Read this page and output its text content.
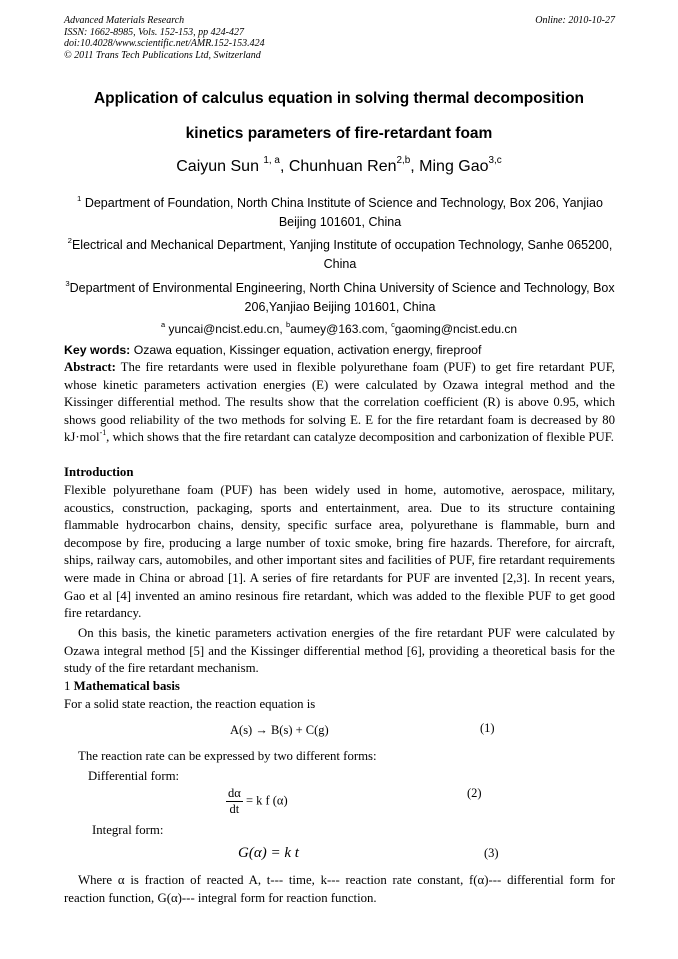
Advanced Materials Research
ISSN: 1662-8985, Vols. 152-153, pp 424-427
doi:10.4028/www.scientific.net/AMR.152-153.424
© 2011 Trans Tech Publications Ltd, Switzerland
Online: 2010-10-27
Application of calculus equation in solving thermal decomposition
kinetics parameters of fire-retardant foam
Caiyun Sun $^{1, a}$, Chunhuan Ren$^{2,b}$, Ming Gao$^{3,c}$
$^1$ Department of Foundation, North China Institute of Science and Technology, Box 206, Yanjiao Beijing 101601, China
$^2$Electrical and Mechanical Department, Yanjing Institute of occupation Technology, Sanhe 065200, China
$^3$Department of Environmental Engineering, North China University of Science and Technology, Box 206,Yanjiao Beijing 101601, China
$^a$ yuncai@ncist.edu.cn, $^b$aumey@163.com, $^c$gaoming@ncist.edu.cn
Key words: Ozawa equation, Kissinger equation, activation energy, fireproof
Abstract: The fire retardants were used in flexible polyurethane foam (PUF) to get fire retardant PUF, whose kinetic parameters activation energies (E) were calculated by Ozawa integral method and the Kissinger differential method. The results show that the correlation coefficient (R) is above 0.95, which shows good reliability of the two methods for solving E. E for the fire retardant foam is decreased by 80 kJ·mol$^{-1}$, which shows that the fire retardant can catalyze decomposition and carbonization of flexible PUF.
Introduction
Flexible polyurethane foam (PUF) has been widely used in home, automotive, aerospace, military, acoustics, construction, packaging, sports and entertainment, area. Due to its structure containing flammable hydrocarbon chains, density, specific surface area, polyurethane is flammable, burn and decompose by fire, producing a large number of toxic smoke, bring fire hazards. Therefore, for aircraft, ships, railway cars, automobiles, and other important sites and facilities of PUF, fire retardant requirements were made in China or abroad [1]. A series of fire retardants for PUF are invented [2,3]. In recent years, Gao et al [4] invented an amino resinous fire retardant, which was added to the flexible PUF to get good fire retardancy.
On this basis, the kinetic parameters activation energies of the fire retardant PUF were calculated by Ozawa integral method [5] and the Kissinger differential method [6], providing a theoretical basis for the study of the fire retardant mechanism.
1 Mathematical basis
For a solid state reaction, the reaction equation is
A(s) → B(s) + C(g)	(1)
The reaction rate can be expressed by two different forms:
Differential form:
$\frac{d\alpha}{dt} = k$ f (α)
(2)
Integral form:
G(α) = k t	(3)
Where α is fraction of reacted A, t--- time, k--- reaction rate constant, f(α)--- differential form for reaction function, G(α)--- integral form for reaction function.
